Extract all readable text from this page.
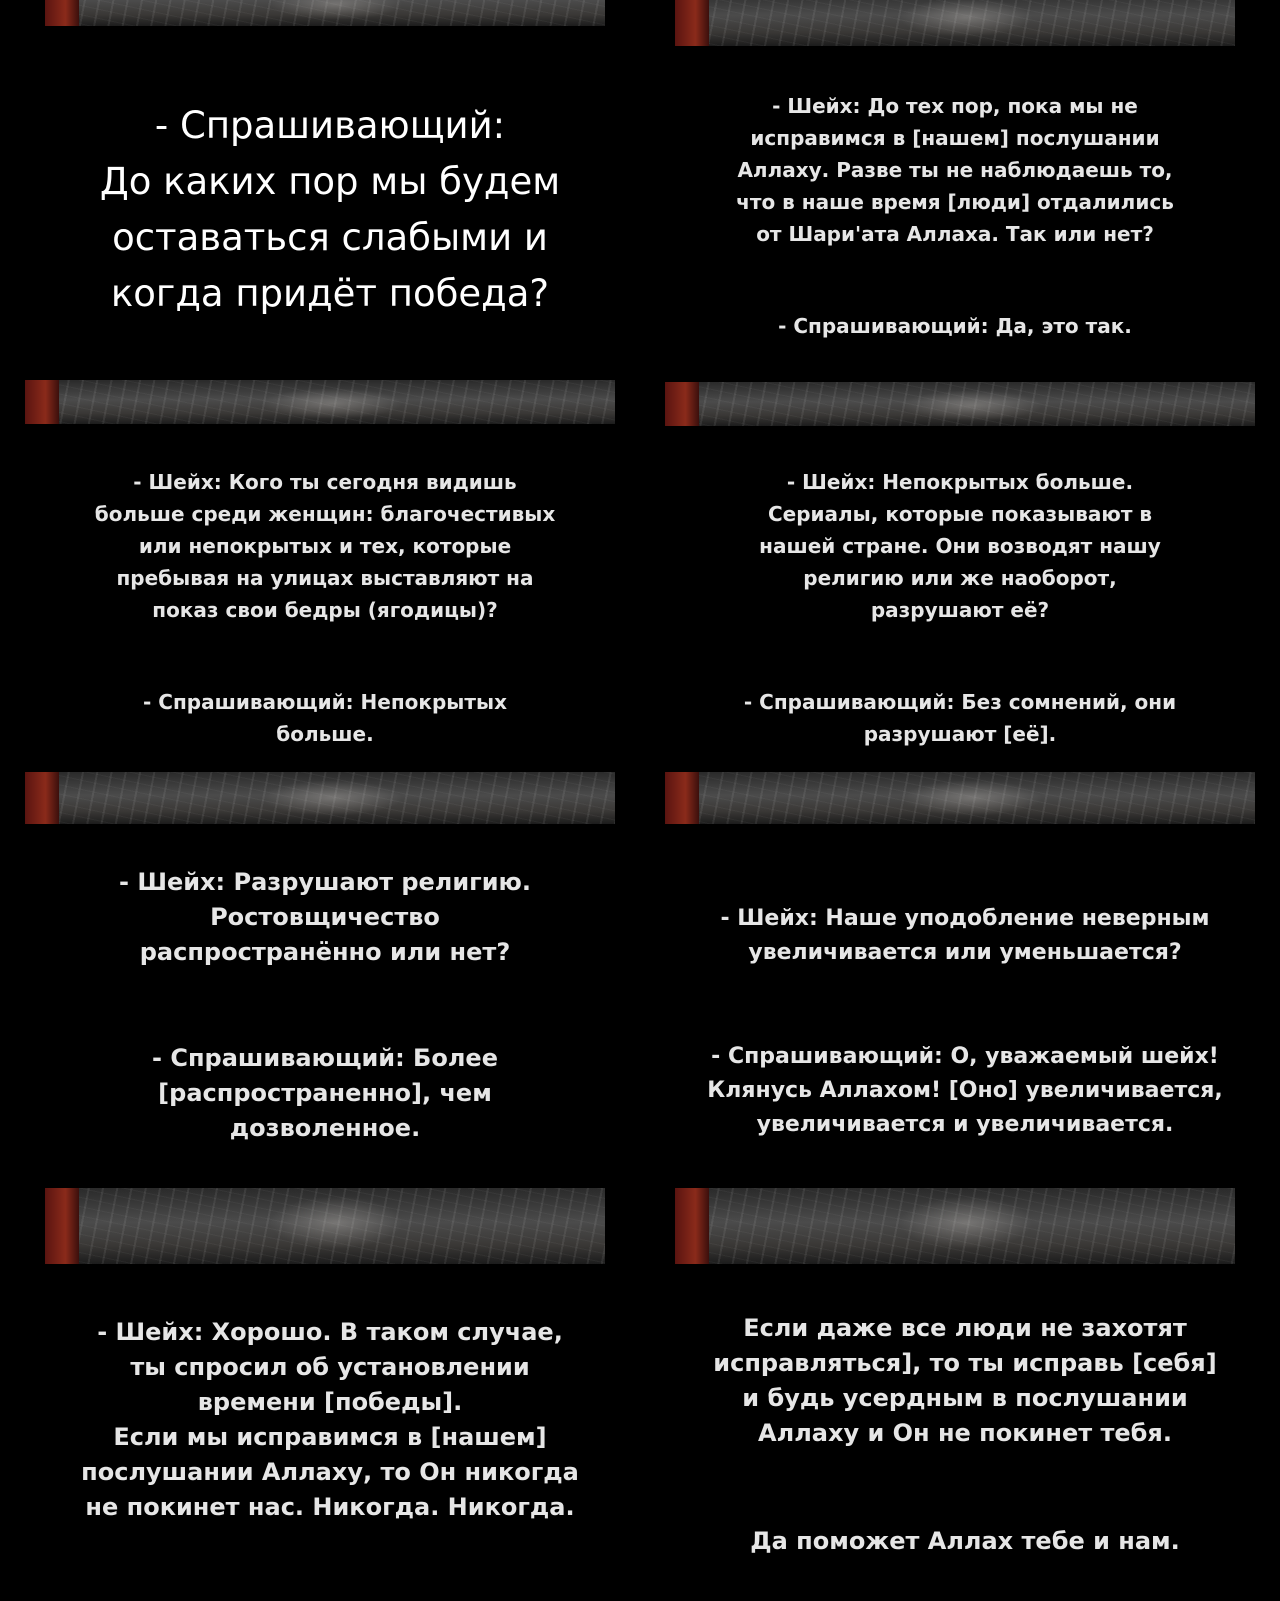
- Спрашивающий:
До каких пор мы будем
оставаться слабыми и
когда придёт победа?

- Шейх: До тех пор, пока мы не
исправимся в [нашем] послушании
Аллаху. Разве ты не наблюдаешь то,
что в наше время [люди] отдалились
от Шари'ата Аллаха. Так или нет?

- Спрашивающий: Да, это так.

- Шейх: Кого ты сегодня видишь
больше среди женщин: благочестивых
или непокрытых и тех, которые
пребывая на улицах выставляют на
показ свои бедры (ягодицы)?

- Спрашивающий: Непокрытых
больше.

- Шейх: Непокрытых больше.
Сериалы, которые показывают в
нашей стране. Они возводят нашу
религию или же наоборот,
разрушают её?

- Спрашивающий: Без сомнений, они
разрушают [её].

- Шейх: Разрушают религию.
Ростовщичество
распространённо или нет?

- Спрашивающий: Более
[распространенно], чем
дозволенное.

- Шейх: Наше уподобление неверным
увеличивается или уменьшается?

- Спрашивающий: О, уважаемый шейх!
Клянусь Аллахом! [Оно] увеличивается,
увеличивается и увеличивается.

- Шейх: Хорошо. В таком случае,
ты спросил об установлении
времени [победы].
Если мы исправимся в [нашем]
послушании Аллаху, то Он никогда
не покинет нас. Никогда. Никогда.

Если даже все люди не захотят
исправляться], то ты исправь [себя]
и будь усердным в послушании
Аллаху и Он не покинет тебя.

Да поможет Аллах тебе и нам.
